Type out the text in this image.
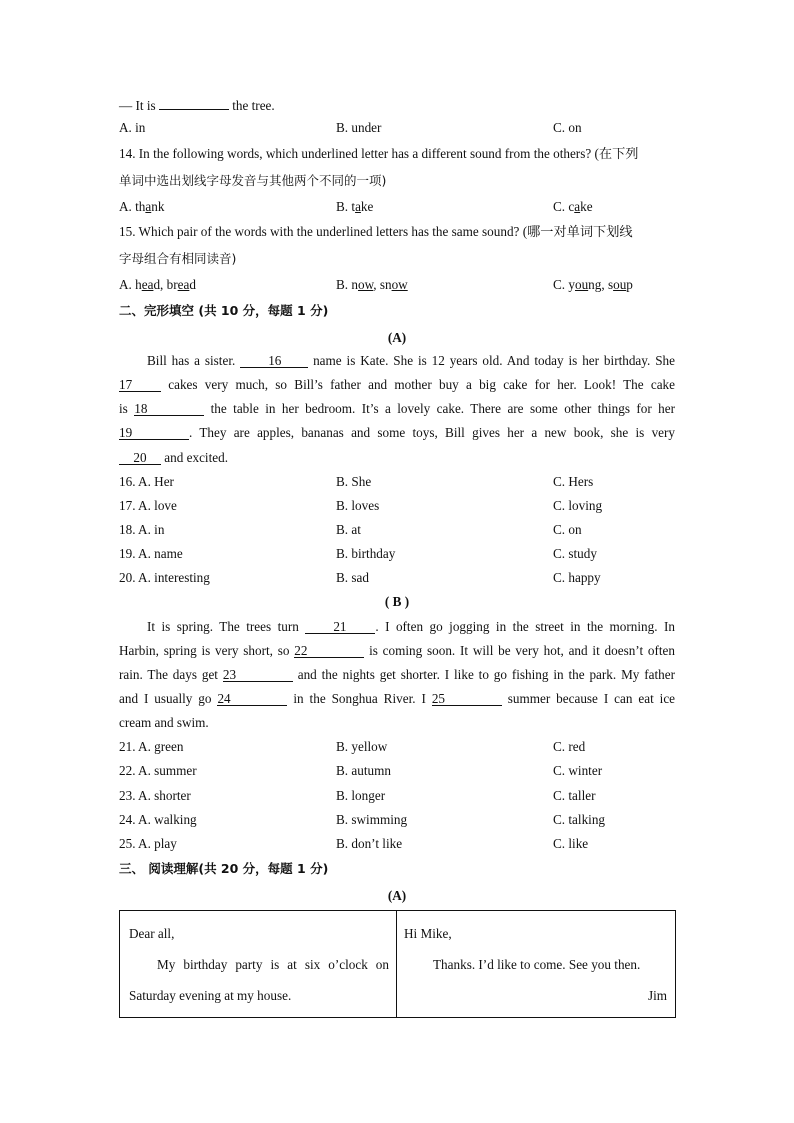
— It is	the tree.
A. in	B. under	C. on
14. In the following words, which underlined letter has a different sound from the others? (在下列
单词中选出划线字母发音与其他两个不同的一项)
A. thank	B. take	C. cake
15. Which pair of the words with the underlined letters has the same sound? (哪一对单词下划线
字母组合有相同读音)
A. head, bread	B. now, snow	C. young, soup
二、完形填空 (共 10 分，每题 1 分)
(A)
Bill has a sister. 16 name is Kate. She is 12 years old. And today is her birthday. She
17	cakes very much, so Bill’s father and mother buy a big cake for her. Look! The cake
is 18	the table in her bedroom. It’s a lovely cake. There are some other things for her
19	. They are apples, bananas and some toys, Bill gives her a new book, she is very
20 and excited.
16. A. Her	B. She	C. Hers
17. A. love	B. loves	C. loving
18. A. in	B. at	C. on
19. A. name	B. birthday	C. study
20. A. interesting	B. sad	C. happy
( B )
It is spring. The trees turn	21 . I often go jogging in the street in the morning. In
Harbin, spring is very short, so 22	is coming soon. It will be very hot, and it doesn’t often
rain. The days get 23	and the nights get shorter. I like to go fishing in the park. My father
and I usually go 24	in the Songhua River. I 25	summer because I can eat ice
cream and swim.
21. A. green	B. yellow	C. red
22. A. summer	B. autumn	C. winter
23. A. shorter	B. longer	C. taller
24. A. walking	B. swimming	C. talking
25. A. play	B. don’t like	C. like
三、 阅读理解(共 20 分，每题 1 分)
(A)
Dear all,
My birthday party is at six o’clock on
Saturday evening at my house.
Hi Mike,
Thanks. I’d like to come. See you then.
Jim
